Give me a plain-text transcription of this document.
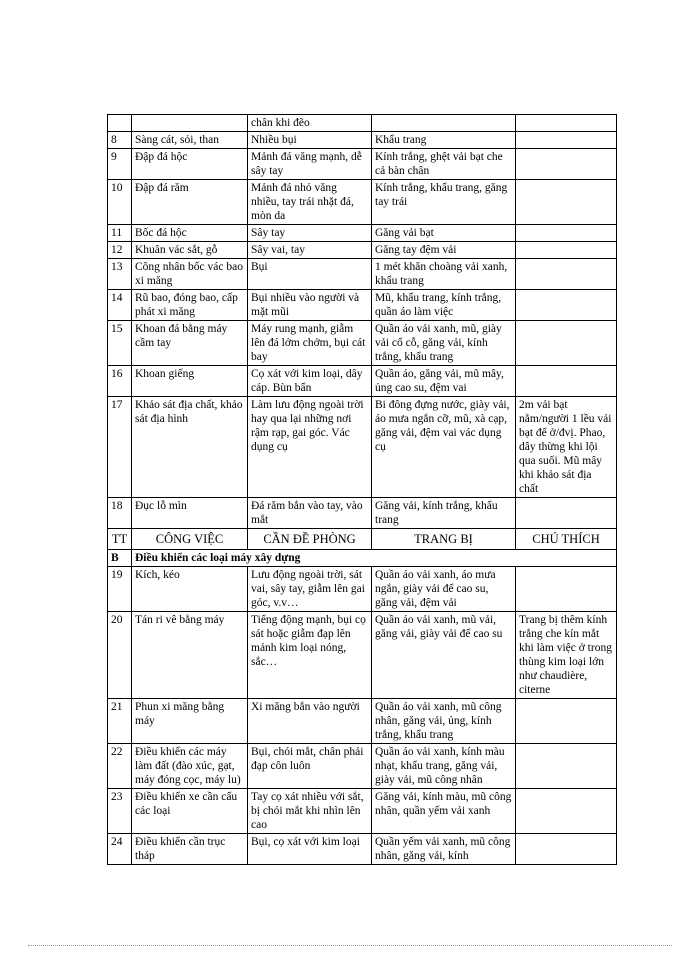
		chân khi đẽo		
8	Sàng cát, sỏi, than	Nhiều bụi	Khẩu trang	
9	Đập đá hộc	Mảnh đá văng mạnh, dễ sây tay	Kính trắng, ghệt vải bạt che cả bàn chân	
10	Đập đá răm	Mảnh đá nhỏ văng nhiều, tay trái nhặt đá, mòn da	Kính trắng, khẩu trang, găng tay trái	
11	Bốc đá hộc	Sây tay	Găng vải bạt	
12	Khuân vác sắt, gỗ	Sây vai, tay	Găng tay đệm vải	
13	Công nhân bốc vác bao xi măng	Bụi	1 mét khăn choàng vải xanh, khẩu trang	
14	Rũ bao, đóng bao, cấp phát xi măng	Bụi nhiều vào người và mặt mũi	Mũ, khẩu trang, kính trắng, quần áo làm việc	
15	Khoan đá bằng máy cầm tay	Máy rung mạnh, giẫm lên đá lởm chởm, bụi cát bay	Quần áo vải xanh, mũ, giày vải cổ cỗ, găng vải, kính trắng, khẩu trang	
16	Khoan giếng	Cọ xát với kim loại, dây cáp. Bùn bẩn	Quần áo, găng vải, mũ mây, ủng cao su, đệm vai	
17	Khảo sát địa chất, khảo sát địa hình	Làm lưu động ngoài trời hay qua lại những nơi rậm rạp, gai góc. Vác dụng cụ	Bi đông đựng nước, giày vải, áo mưa ngắn cỡ, mũ, xà cạp, găng vải, đệm vai vác dụng cụ	2m vải bạt nằm/người 1 lều vải bạt để ở/đvị. Phao, dây thừng khi lội qua suối. Mũ mây khi khảo sát địa chất
18	Đục lỗ mìn	Đá răm bắn vào tay, vào mắt	Găng vải, kính trắng, khẩu trang	
TT	CÔNG VIỆC	CẦN ĐỀ PHÒNG	TRANG BỊ	CHÚ THÍCH
B	Điều khiển các loại máy xây dựng			
19	Kích, kéo	Lưu động ngoài trời, sát vai, sây tay, giẫm lên gai góc, v.v…	Quần áo vải xanh, áo mưa ngắn, giày vải để cao su, găng vải, đệm vải	
20	Tán ri vê bằng máy	Tiếng động mạnh, bụi cọ sát hoặc giẫm đạp lên mảnh kim loại nóng, sắc…	Quần áo vải xanh, mũ vải, găng vải, giày vải để cao su	Trang bị thêm kính trắng che kín mắt khi làm việc ở trong thùng kim loại lớn như chaudière, citerne
21	Phun xi măng bằng máy	Xi măng bắn vào người	Quần áo vải xanh, mũ công nhân, găng vải, ủng, kính trắng, khẩu trang	
22	Điều khiển các máy làm đất (đào xúc, gạt, máy đóng cọc, máy lu)	Bụi, chói mắt, chân phải đạp côn luôn	Quần áo vải xanh, kính màu nhạt, khẩu trang, găng vải, giày vải, mũ công nhân	
23	Điều khiển xe cần cẩu các loại	Tay cọ xát nhiều với sắt, bị chói mắt khi nhìn lên cao	Găng vải, kính màu, mũ công nhân, quần yếm vải xanh	
24	Điều khiển cần trục tháp	Bụi, cọ xát với kim loại	Quần yếm vải xanh, mũ công nhân, găng vải, kính	
